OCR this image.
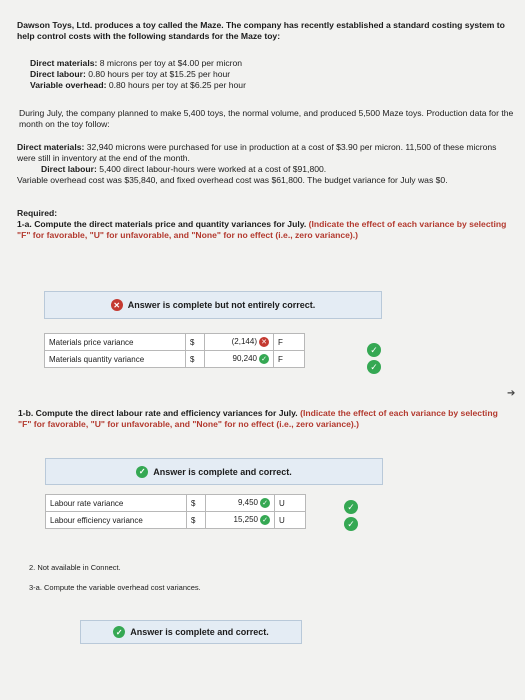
Dawson Toys, Ltd. produces a toy called the Maze. The company has recently established a standard costing system to help control costs with the following standards for the Maze toy:
Direct materials: 8 microns per toy at $4.00 per micron
Direct labour: 0.80 hours per toy at $15.25 per hour
Variable overhead: 0.80 hours per toy at $6.25 per hour
During July, the company planned to make 5,400 toys, the normal volume, and produced 5,500 Maze toys. Production data for the month on the toy follow:
Direct materials: 32,940 microns were purchased for use in production at a cost of $3.90 per micron. 11,500 of these microns were still in inventory at the end of the month.
Direct labour: 5,400 direct labour-hours were worked at a cost of $91,800.
Variable overhead cost was $35,840, and fixed overhead cost was $61,800. The budget variance for July was $0.
Required:
1-a. Compute the direct materials price and quantity variances for July. (Indicate the effect of each variance by selecting "F" for favorable, "U" for unfavorable, and "None" for no effect (i.e., zero variance).)
✕ Answer is complete but not entirely correct.
Materials price variance	$	(2,144) ✕	F
Materials quantity variance	$	90,240 ✓	F
✓
✓
➔
1-b. Compute the direct labour rate and efficiency variances for July. (Indicate the effect of each variance by selecting "F" for favorable, "U" for unfavorable, and "None" for no effect (i.e., zero variance).)
✓ Answer is complete and correct.
Labour rate variance	$	9,450 ✓	U
Labour efficiency variance	$	15,250 ✓	U
✓
✓
2. Not available in Connect.
3-a. Compute the variable overhead cost variances.
✓ Answer is complete and correct.
